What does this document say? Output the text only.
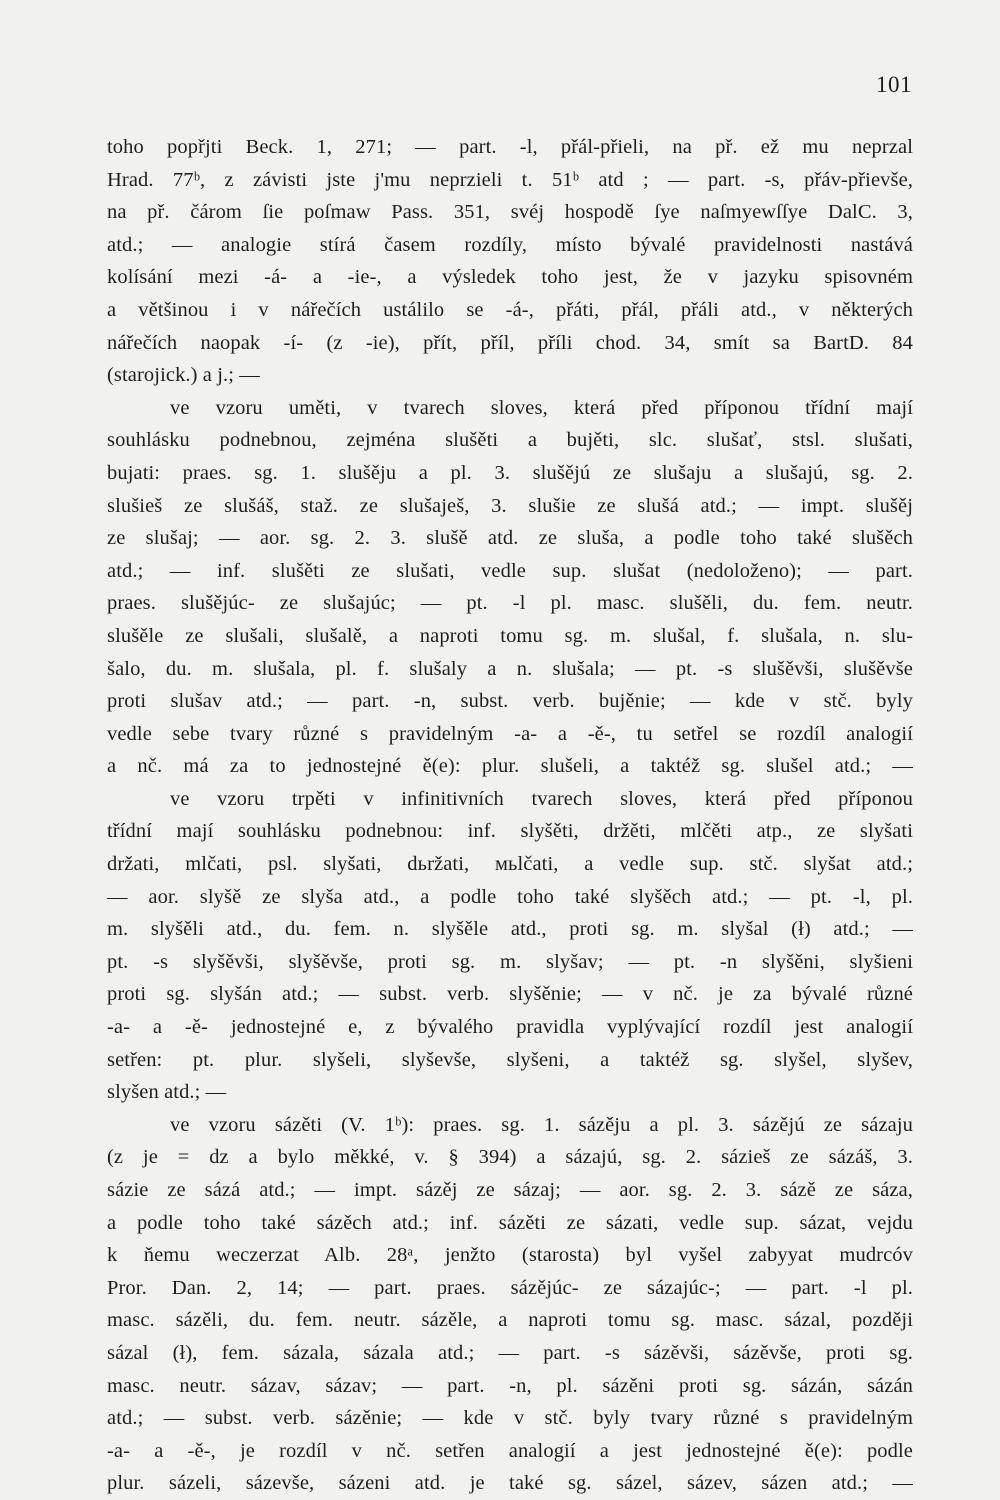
101
toho popřjti Beck. 1, 271; — part. -l, přál-přieli, na př. ež mu neprzal
Hrad. 77ᵇ, z závisti jste j'mu neprzieli t. 51ᵇ atd ; — part. -s, přáv-přievše,
na př. čárom ſie poſmaw Pass. 351, svéj hospodě ſye naſmyewſſye DalC. 3,
atd.; — analogie stírá časem rozdíly, místo bývalé pravidelnosti nastává
kolísání mezi -á- a -ie-, a výsledek toho jest, že v jazyku spisovném
a většinou i v nářečích ustálilo se -á-, přáti, přál, přáli atd., v některých
nářečích naopak -í- (z -ie), přít, příl, příli chod. 34, smít sa BartD. 84
(starojick.) a j.; —
ve vzoru uměti, v tvarech sloves, která před příponou třídní mají
souhlásku podnebnou, zejména slušěti a bujěti, slc. slušať, stsl. slušati,
bujati: praes. sg. 1. slušěju a pl. 3. slušějú ze slušaju a slušajú, sg. 2.
slušieš ze slušáš, staž. ze slušaješ, 3. slušie ze slušá atd.; — impt. slušěj
ze slušaj; — aor. sg. 2. 3. slušě atd. ze sluša, a podle toho také slušěch
atd.; — inf. slušěti ze slušati, vedle sup. slušat (nedoloženo); — part.
praes. slušějúc- ze slušajúc; — pt. -l pl. masc. slušěli, du. fem. neutr.
slušěle ze slušali, slušalě, a naproti tomu sg. m. slušal, f. slušala, n. slu-
šalo, du. m. slušala, pl. f. slušaly a n. slušala; — pt. -s slušěvši, slušěvše
proti slušav atd.; — part. -n, subst. verb. bujěnie; — kde v stč. byly
vedle sebe tvary různé s pravidelným -a- a -ě-, tu setřel se rozdíl analogií
a nč. má za to jednostejné ě(e): plur. slušeli, a taktéž sg. slušel atd.; —
ve vzoru trpěti v infinitivních tvarech sloves, která před příponou
třídní mají souhlásku podnebnou: inf. slyšěti, držěti, mlčěti atp., ze slyšati
držati, mlčati, psl. slyšati, dьržati, мьlčati, a vedle sup. stč. slyšat atd.;
— aor. slyšě ze slyša atd., a podle toho také slyšěch atd.; — pt. -l, pl.
m. slyšěli atd., du. fem. n. slyšěle atd., proti sg. m. slyšal (ł) atd.; —
pt. -s slyšěvši, slyšěvše, proti sg. m. slyšav; — pt. -n slyšěni, slyšieni
proti sg. slyšán atd.; — subst. verb. slyšěnie; — v nč. je za bývalé různé
-a- a -ě- jednostejné e, z bývalého pravidla vyplývající rozdíl jest analogií
setřen: pt. plur. slyšeli, slyševše, slyšeni, a taktéž sg. slyšel, slyšev,
slyšen atd.; —
ve vzoru sázěti (V. 1ᵇ): praes. sg. 1. sázěju a pl. 3. sázějú ze sázaju
(z je = dz a bylo měkké, v. § 394) a sázajú, sg. 2. sázieš ze sázáš, 3.
sázie ze sázá atd.; — impt. sázěj ze sázaj; — aor. sg. 2. 3. sázě ze sáza,
a podle toho také sázěch atd.; inf. sázěti ze sázati, vedle sup. sázat, vejdu
k ňemu weczerzat Alb. 28ᵃ, jenžto (starosta) byl vyšel zabyyat mudrcóv
Pror. Dan. 2, 14; — part. praes. sázějúc- ze sázajúc-; — part. -l pl.
masc. sázěli, du. fem. neutr. sázěle, a naproti tomu sg. masc. sázal, později
sázal (ł), fem. sázala, sázala atd.; — part. -s sázěvši, sázěvše, proti sg.
masc. neutr. sázav, sázav; — part. -n, pl. sázěni proti sg. sázán, sázán
atd.; — subst. verb. sázěnie; — kde v stč. byly tvary různé s pravidelným
-a- a -ě-, je rozdíl v nč. setřen analogií a jest jednostejné ě(e): podle
plur. sázeli, sázevše, sázeni atd. je také sg. sázel, sázev, sázen atd.; —
